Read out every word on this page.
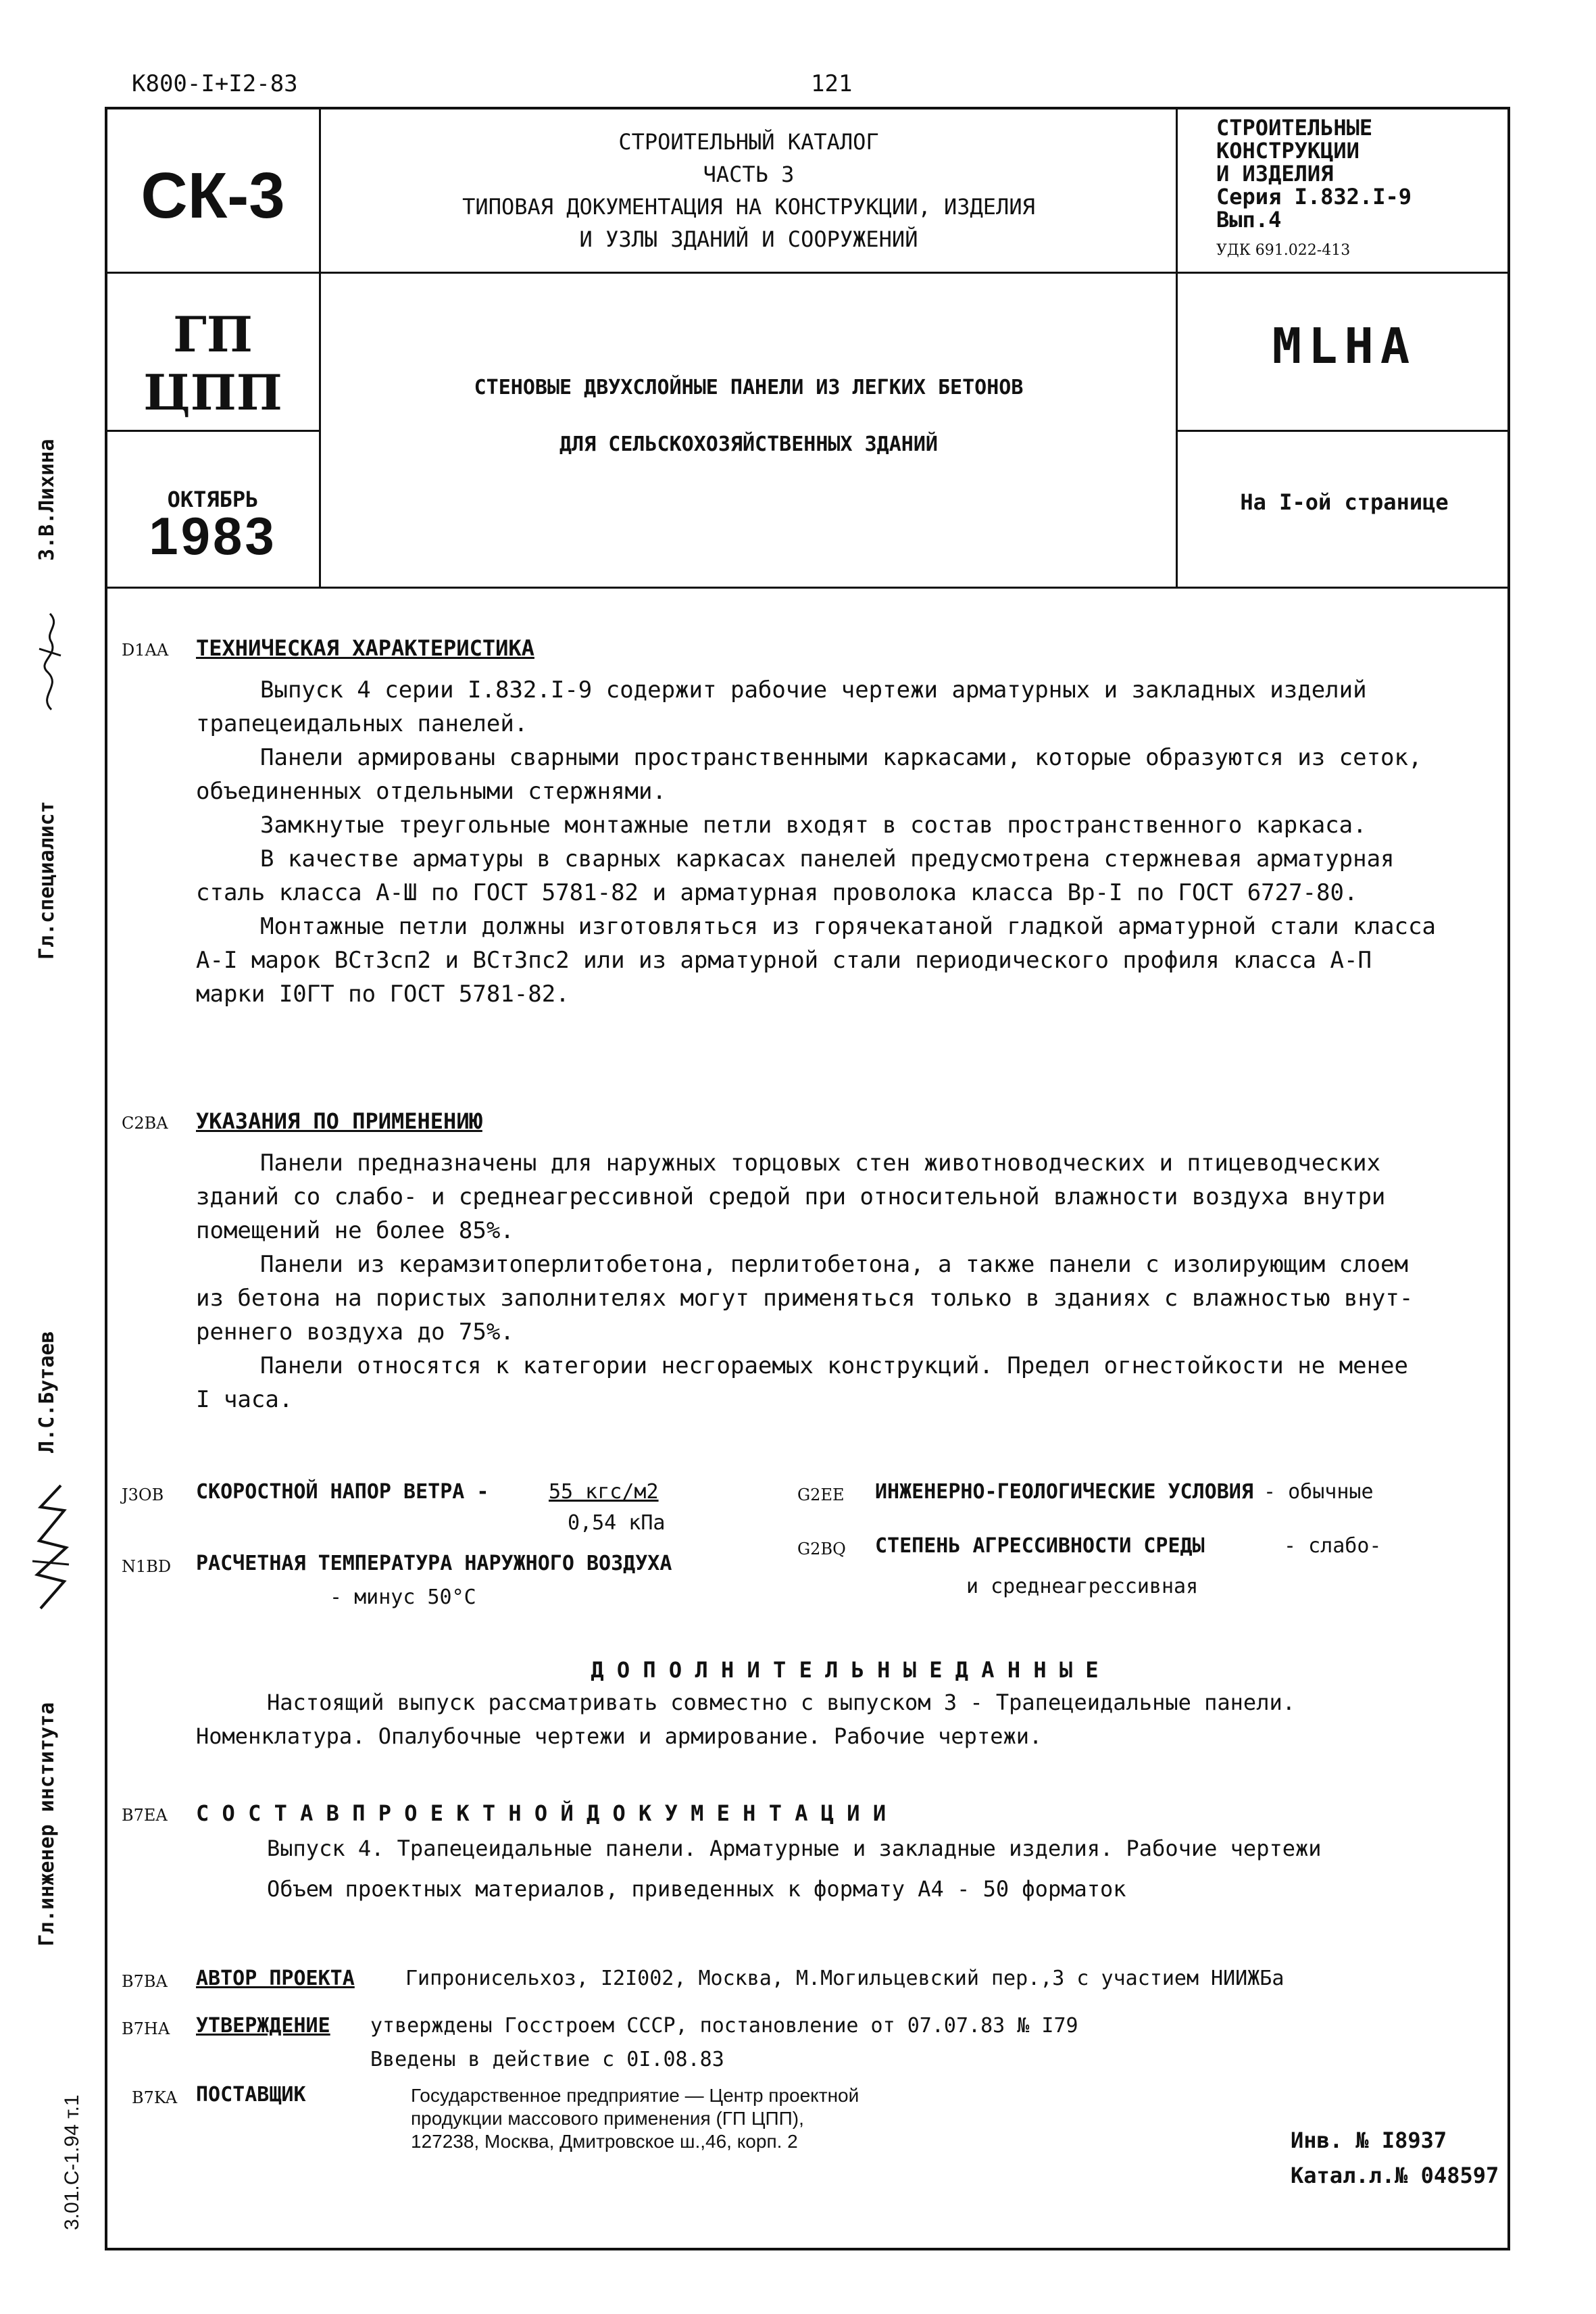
К800-I+I2-83	121
СК-3
СТРОИТЕЛЬНЫЙ КАТАЛОГ
ЧАСТЬ 3
ТИПОВАЯ ДОКУМЕНТАЦИЯ НА КОНСТРУКЦИИ, ИЗДЕЛИЯ
И УЗЛЫ ЗДАНИЙ И СООРУЖЕНИЙ
СТРОИТЕЛЬНЫЕ
КОНСТРУКЦИИ
И ИЗДЕЛИЯ
Серия I.832.I-9
Вып.4
УДК 691.022-413
ГП
ЦПП	СТЕНОВЫЕ ДВУХСЛОЙНЫЕ ПАНЕЛИ ИЗ ЛЕГКИХ БЕТОНОВ
ДЛЯ СЕЛЬСКОХОЗЯЙСТВЕННЫХ ЗДАНИЙ
MLHA
ОКТЯБРЬ
1983
На I-ой странице
З.В.Лихина
Гл.специалист
Л.С.Бутаев
Гл.инженер института
3.01.С-1.94 т.1
D1AA ТЕХНИЧЕСКАЯ ХАРАКТЕРИСТИКА
Выпуск 4 серии I.832.I-9 содержит рабочие чертежи арматурных и закладных изделий
трапецеидальных панелей.
Панели армированы сварными пространственными каркасами, которые образуются из сеток,
объединенных отдельными стержнями.
Замкнутые треугольные монтажные петли входят в состав пространственного каркаса.
В качестве арматуры в сварных каркасах панелей предусмотрена стержневая арматурная
сталь класса А-Ш по ГОСТ 5781-82 и арматурная проволока класса Вр-I по ГОСТ 6727-80.
Монтажные петли должны изготовляться из горячекатаной гладкой арматурной стали класса
А-I марок ВСт3сп2 и ВСт3пс2 или из арматурной стали периодического профиля класса А-П
марки I0ГТ по ГОСТ 5781-82.
C2BA УКАЗАНИЯ ПО ПРИМЕНЕНИЮ
Панели предназначены для наружных торцовых стен животноводческих и птицеводческих
зданий со слабо- и среднеагрессивной средой при относительной влажности воздуха внутри
помещений не более 85%.
Панели из керамзитоперлитобетона, перлитобетона, а также панели с изолирующим слоем
из бетона на пористых заполнителях могут применяться только в зданиях с влажностью внут-
реннего воздуха до 75%.
Панели относятся к категории несгораемых конструкций. Предел огнестойкости не менее
I часа.
J3OB СКОРОСТНОЙ НАПОР ВЕТРА -	55 кгс/м2
0,54 кПа
G2EE ИНЖЕНЕРНО-ГЕОЛОГИЧЕСКИЕ УСЛОВИЯ - обычные
N1BD РАСЧЕТНАЯ ТЕМПЕРАТУРА НАРУЖНОГО ВОЗДУХА
- минус 50°С
G2BQ СТЕПЕНЬ АГРЕССИВНОСТИ СРЕДЫ	- слабо-
и среднеагрессивная
Д О П О Л Н И Т Е Л Ь Н Ы Е Д А Н Н Ы Е
Настоящий выпуск рассматривать совместно с выпуском 3 - Трапецеидальные панели.
Номенклатура. Опалубочные чертежи и армирование. Рабочие чертежи.
B7EA С О С Т А В П Р О Е К Т Н О Й Д О К У М Е Н Т А Ц И И
Выпуск 4. Трапецеидальные панели. Арматурные и закладные изделия. Рабочие чертежи
Объем проектных материалов, приведенных к формату А4 - 50 форматок
B7BA АВТОР ПРОЕКТА	Гипронисельхоз, I2I002, Москва, М.Могильцевский пер.,3 с участием НИИЖБа
B7HA УТВЕРЖДЕНИЕ утверждены Госстроем СССР, постановление от 07.07.83 № I79
Введены в действие с 0I.08.83
B7KA ПОСТАВЩИК	Государственное предприятие — Центр проектной
продукции массового применения (ГП ЦПП),
127238, Москва, Дмитровское ш.,46, корп. 2	Инв. № I8937
Катал.л.№ 048597
